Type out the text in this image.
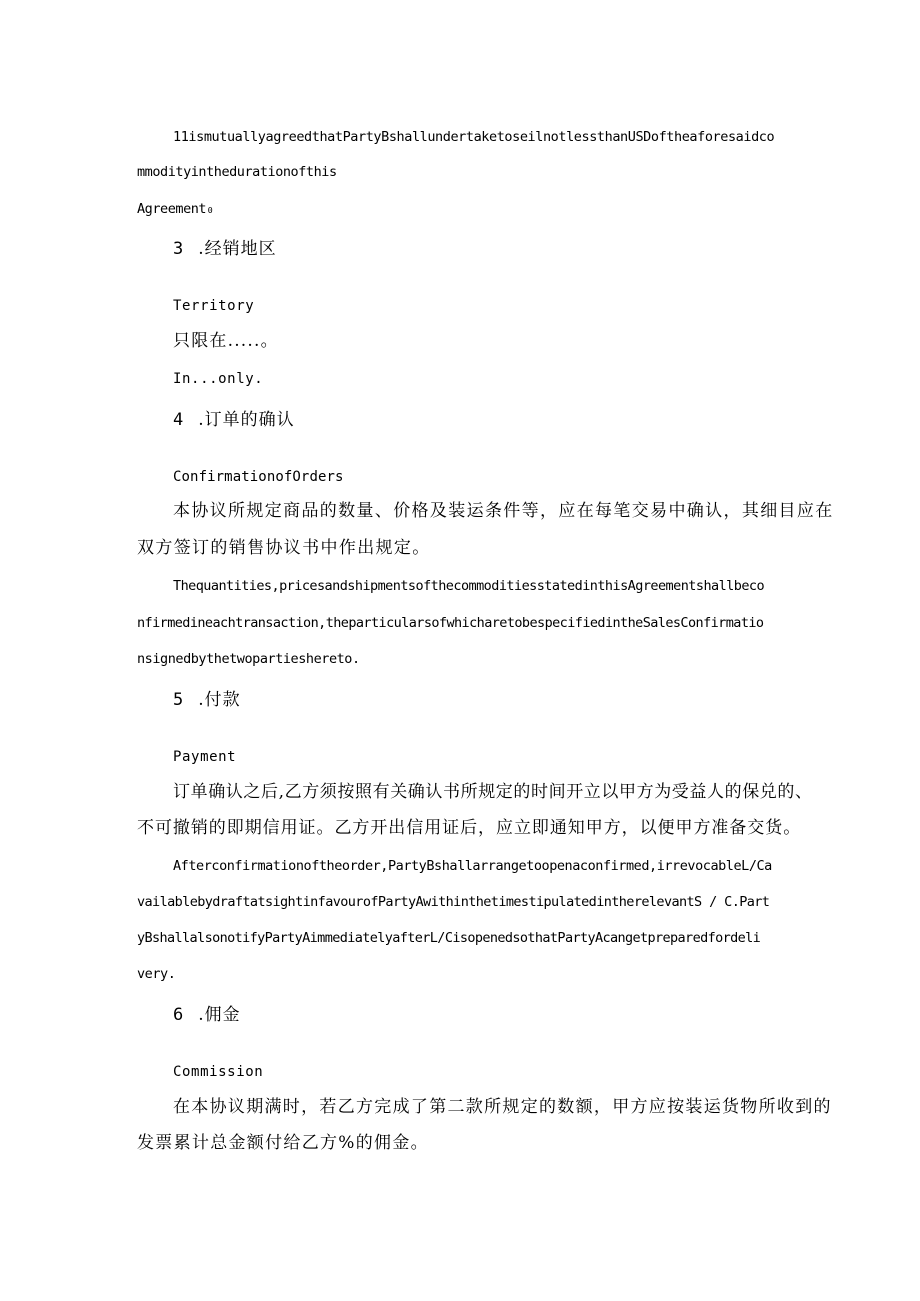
11ismutuallyagreedthatPartyBshallundertaketoseilnotlessthanUSDoftheaforesaidco
mmodityinthedurationofthis
Agreement₀
3 .经销地区
Territory
只限在.....。
In...only.
4 .订单的确认
ConfirmationofOrders
本协议所规定商品的数量、价格及装运条件等，应在每笔交易中确认，其细目应在
双方签订的销售协议书中作出规定。
Thequantities,pricesandshipmentsofthecommoditiesstatedinthisAgreementshallbeco
nfirmedineachtransaction,theparticularsofwhicharetobespecifiedintheSalesConfirmatio
nsignedbythetwopartieshereto.
5 .付款
Payment
订单确认之后,乙方须按照有关确认书所规定的时间开立以甲方为受益人的保兑的、
不可撤销的即期信用证。乙方开出信用证后，应立即通知甲方，以便甲方准备交货。
Afterconfirmationoftheorder,PartyBshallarrangetoopenaconfirmed,irrevocableL/Ca
vailablebydraftatsightinfavourofPartyAwithinthetimestipulatedintherelevantS / C.Part
yBshallalsonotifyPartyAimmediatelyafterL/CisopenedsothatPartyAcangetpreparedfordeli
very.
6 .佣金
Commission
在本协议期满时，若乙方完成了第二款所规定的数额，甲方应按装运货物所收到的
发票累计总金额付给乙方%的佣金。
